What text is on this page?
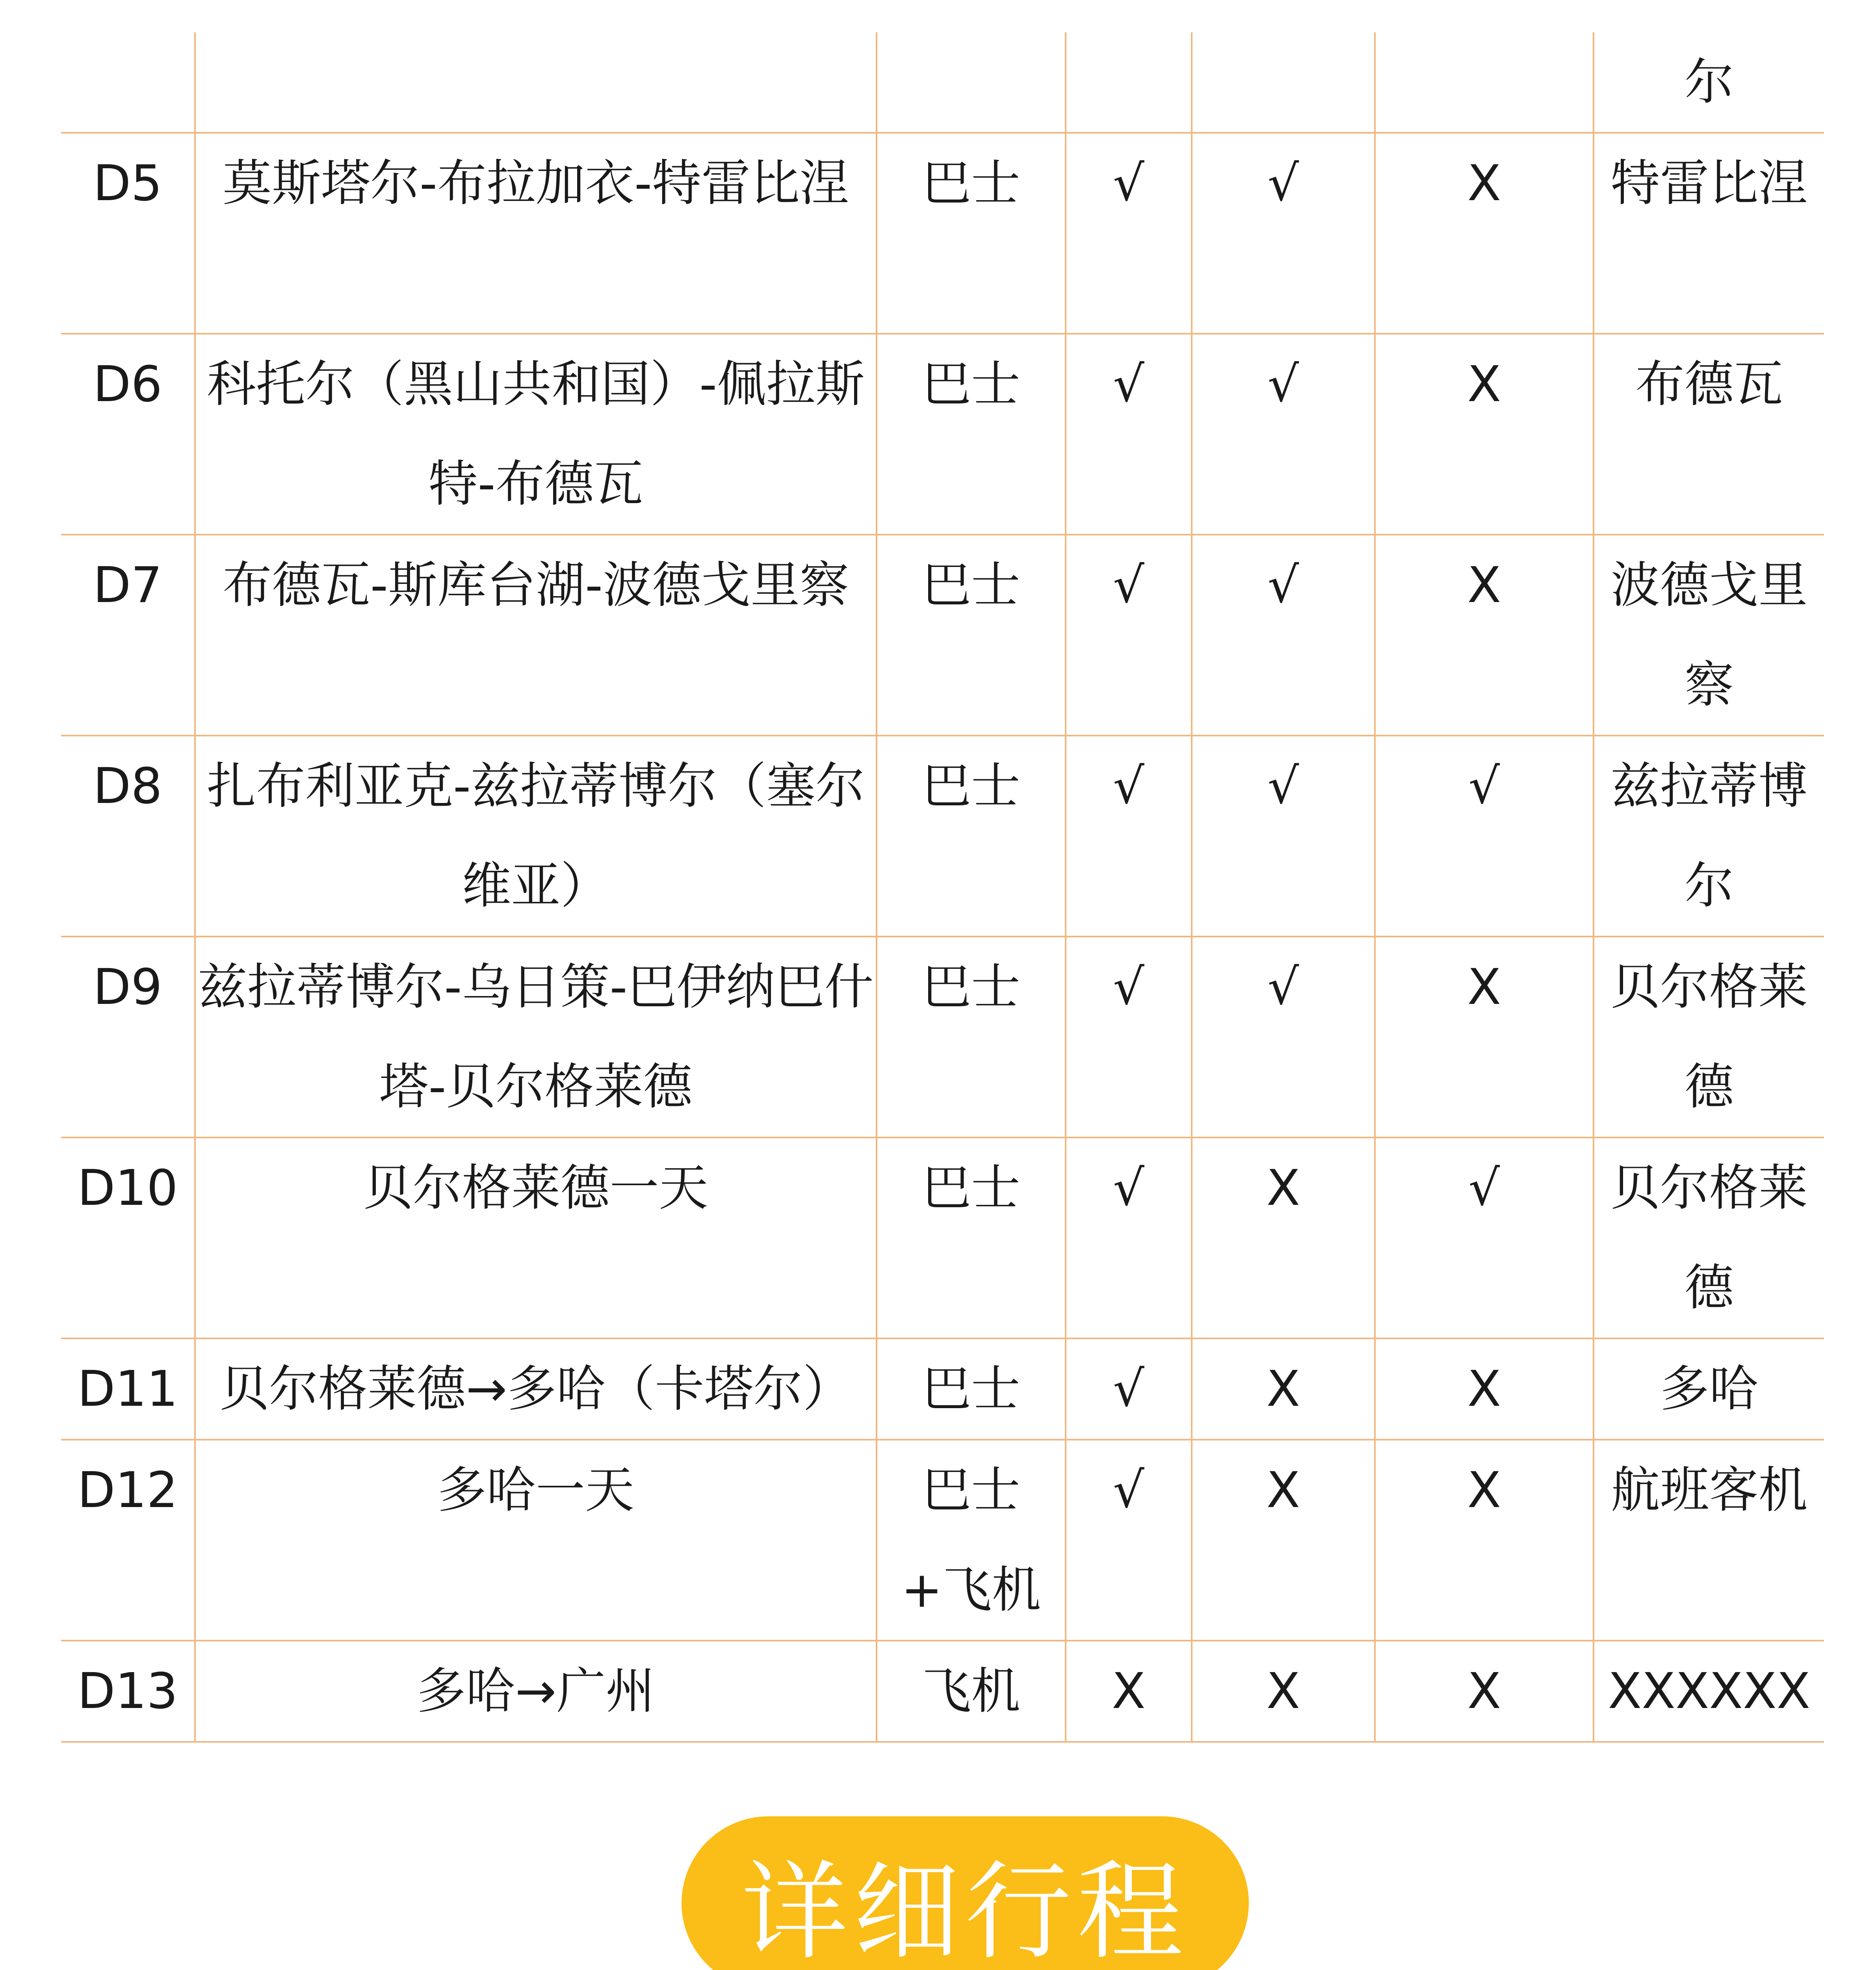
						尔
D5	莫斯塔尔-布拉加衣-特雷比涅	巴士	√	√	X	特雷比涅
D6	科托尔（黑山共和国）-佩拉斯特-布德瓦	巴士	√	√	X	布德瓦
D7	布德瓦-斯库台湖-波德戈里察	巴士	√	√	X	波德戈里察
D8	扎布利亚克-兹拉蒂博尔（塞尔维亚）	巴士	√	√	√	兹拉蒂博尔
D9	兹拉蒂博尔-乌日策-巴伊纳巴什塔-贝尔格莱德	巴士	√	√	X	贝尔格莱德
D10	贝尔格莱德一天	巴士	√	X	√	贝尔格莱德
D11	贝尔格莱德→多哈（卡塔尔）	巴士	√	X	X	多哈
D12	多哈一天	巴士+飞机	√	X	X	航班客机
D13	多哈→广州	飞机	X	X	X	XXXXXX
详细行程
